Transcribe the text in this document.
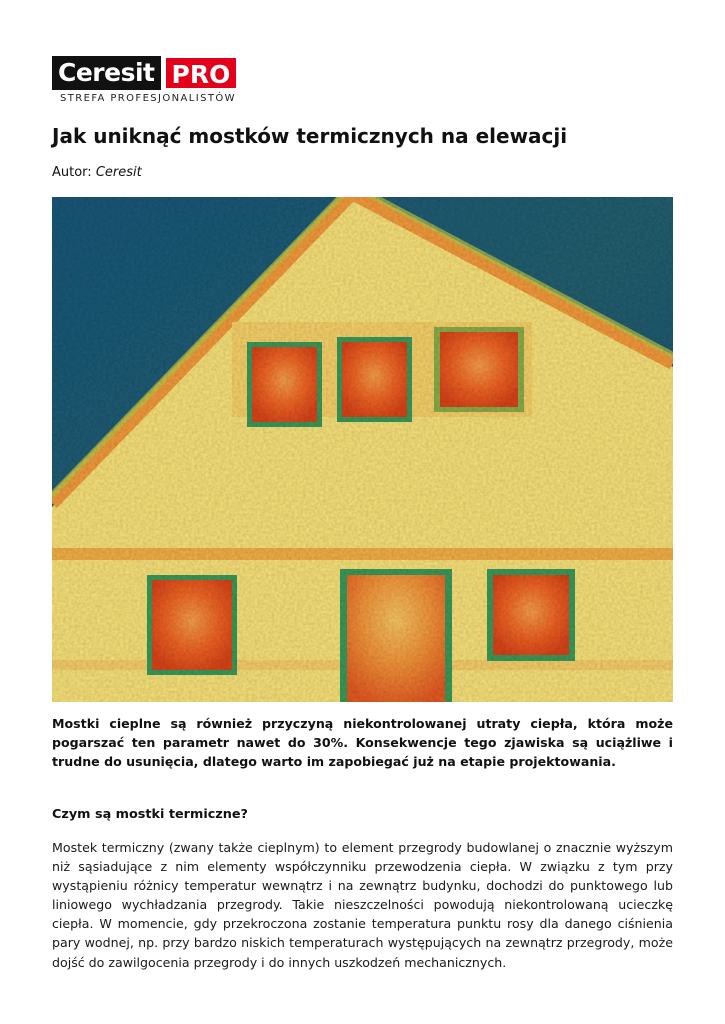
Ceresit PRO
STREFA PROFESJONALISTÓW
Jak uniknąć mostków termicznych na elewacji
Autor: Ceresit

Mostki cieplne są również przyczyną niekontrolowanej utraty ciepła, która może pogarszać ten parametr nawet do 30%. Konsekwencje tego zjawiska są uciążliwe i trudne do usunięcia, dlatego warto im zapobiegać już na etapie projektowania.

Czym są mostki termiczne?

Mostek termiczny (zwany także cieplnym) to element przegrody budowlanej o znacznie wyższym niż sąsiadujące z nim elementy współczynniku przewodzenia ciepła. W związku z tym przy wystąpieniu różnicy temperatur wewnątrz i na zewnątrz budynku, dochodzi do punktowego lub liniowego wychładzania przegrody. Takie nieszczelności powodują niekontrolowaną ucieczkę ciepła. W momencie, gdy przekroczona zostanie temperatura punktu rosy dla danego ciśnienia pary wodnej, np. przy bardzo niskich temperaturach występujących na zewnątrz przegrody, może dojść do zawilgocenia przegrody i do innych uszkodzeń mechanicznych.
